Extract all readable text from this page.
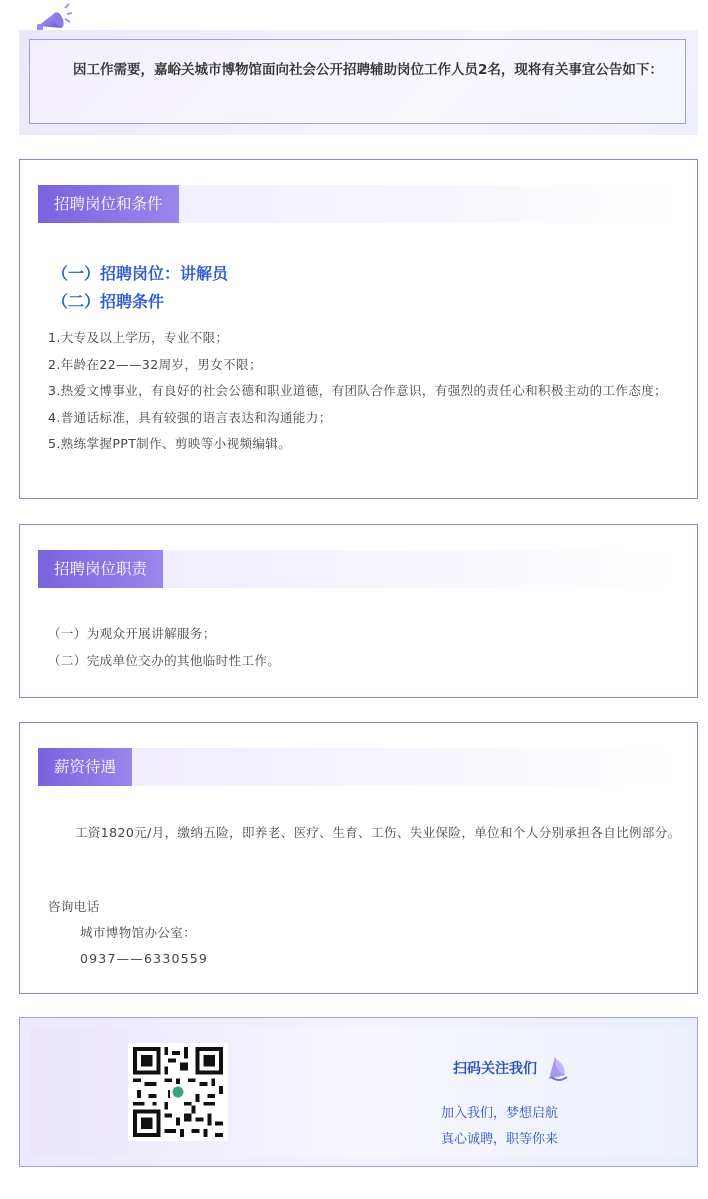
因工作需要，嘉峪关城市博物馆面向社会公开招聘辅助岗位工作人员2名，现将有关事宜公告如下：
招聘岗位和条件
（一）招聘岗位：讲解员
（二）招聘条件
1.大专及以上学历，专业不限；
2.年龄在22——32周岁，男女不限；
3.热爱文博事业，有良好的社会公德和职业道德，有团队合作意识，有强烈的责任心和积极主动的工作态度；
4.普通话标准，具有较强的语言表达和沟通能力；
5.熟练掌握PPT制作、剪映等小视频编辑。
招聘岗位职责
（一）为观众开展讲解服务；
（二）完成单位交办的其他临时性工作。
薪资待遇
工资1820元/月，缴纳五险，即养老、医疗、生育、工伤、失业保险，单位和个人分别承担各自比例部分。
咨询电话
城市博物馆办公室：
0937——6330559
扫码关注我们
加入我们，梦想启航
真心诚聘，职等你来
